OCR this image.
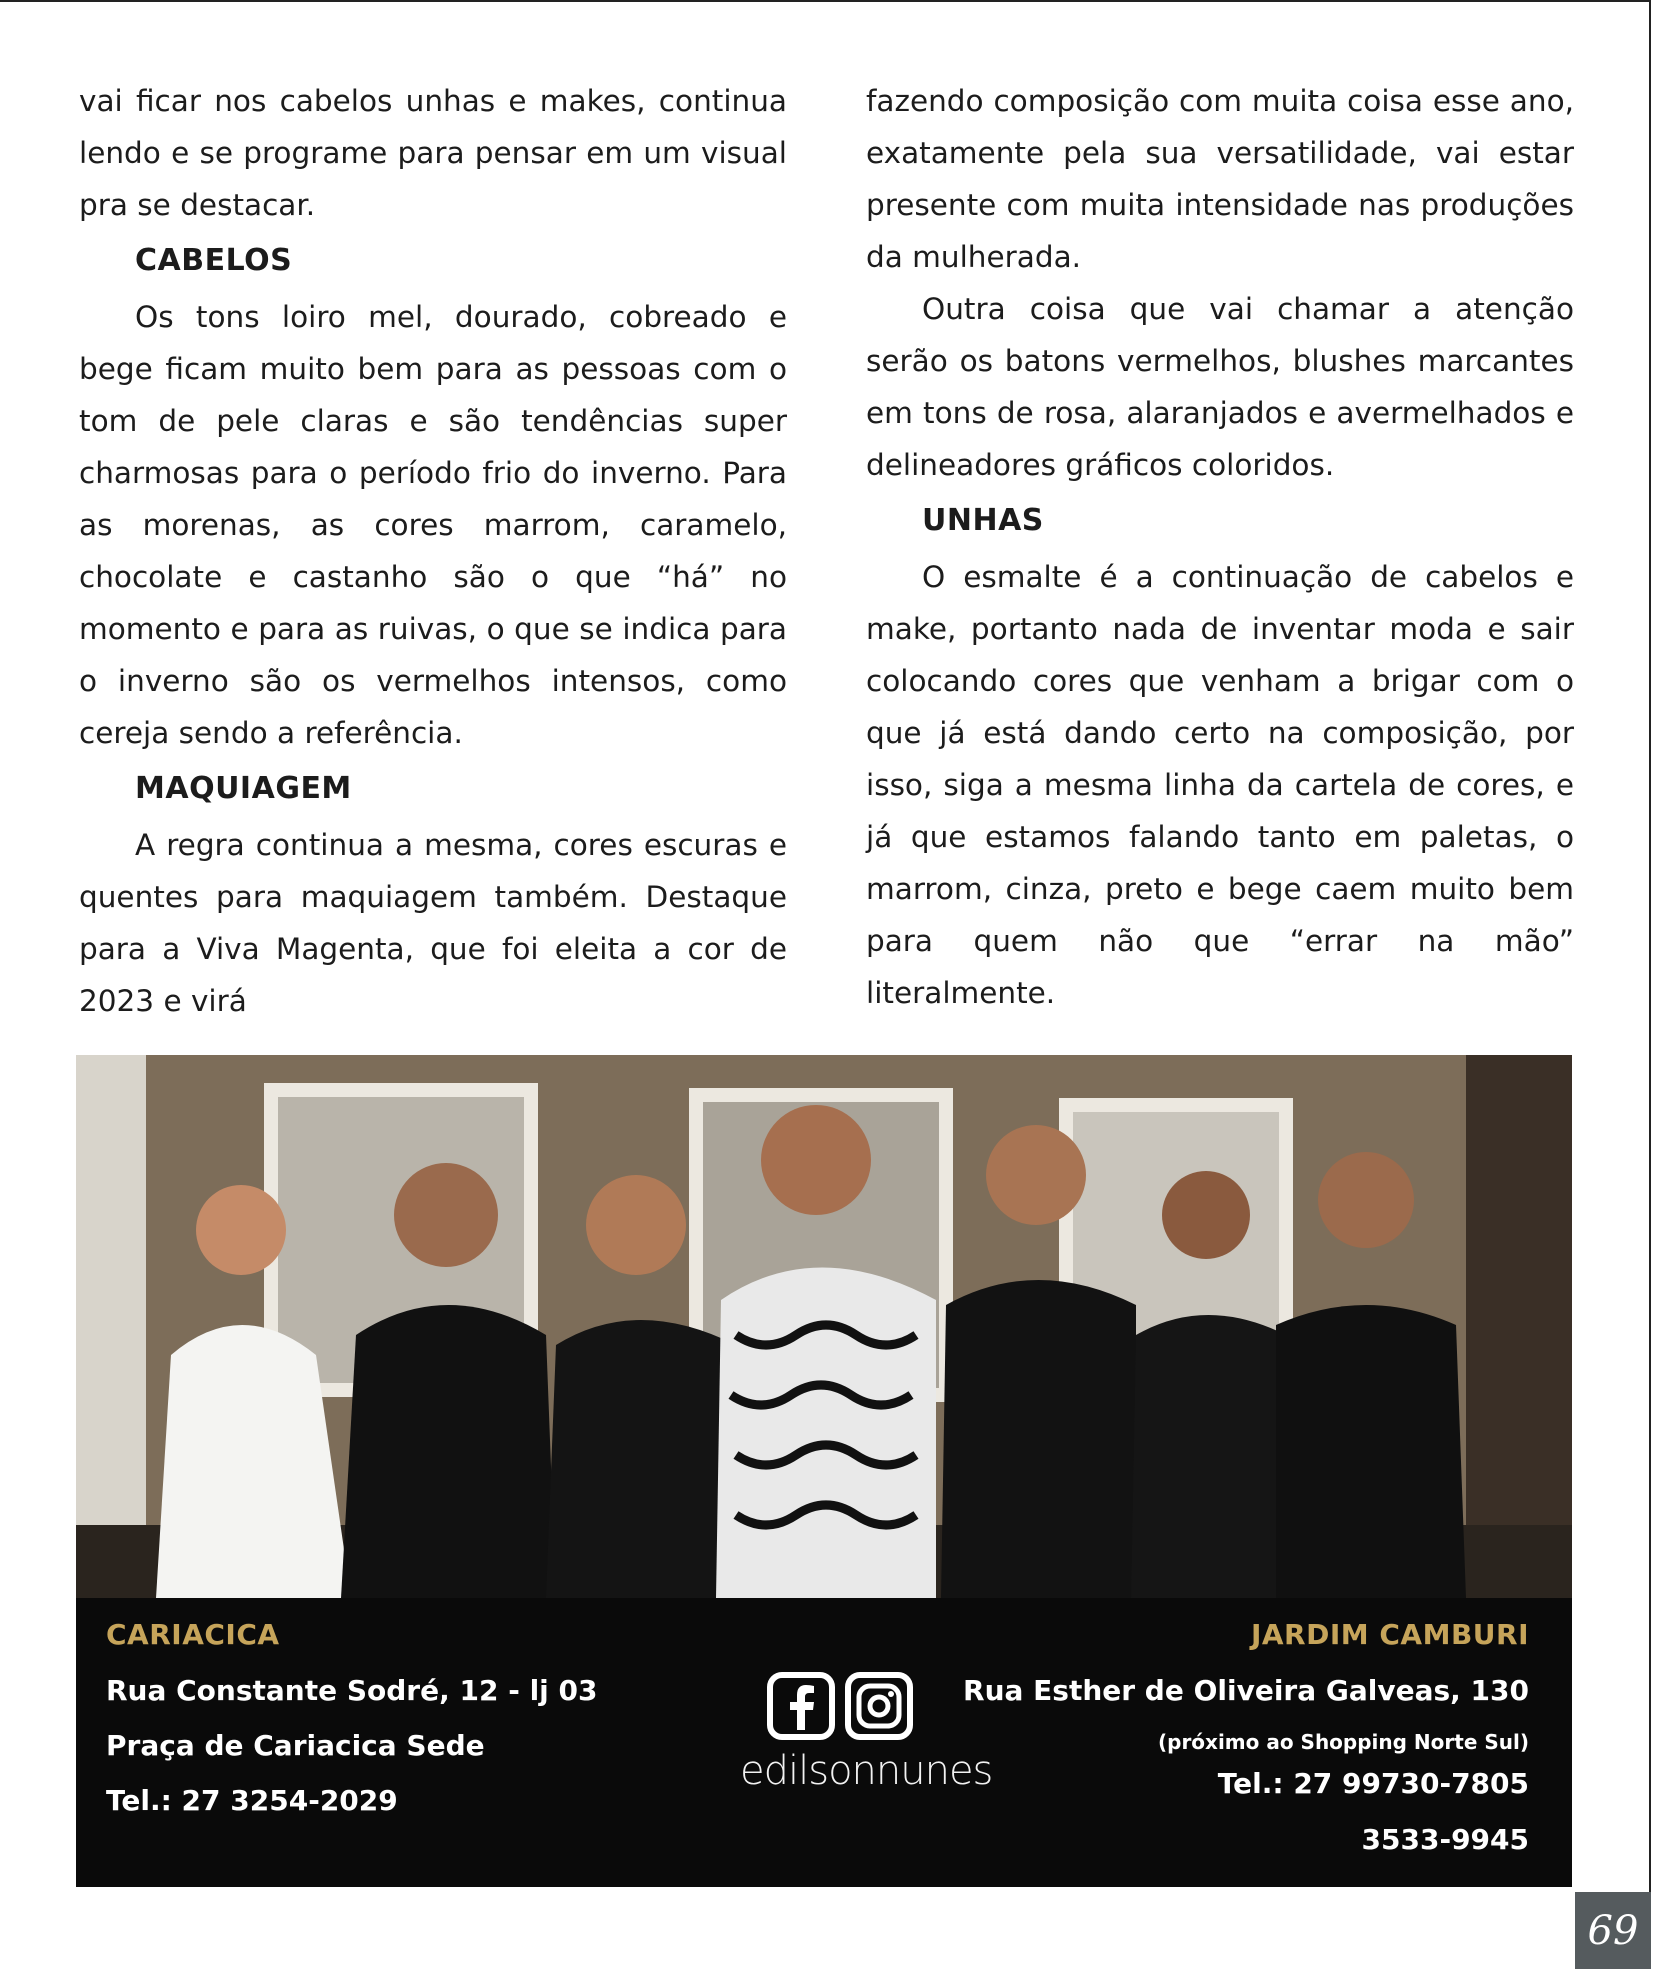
vai ficar nos cabelos unhas e makes, continua lendo e se programe para pensar em um visual pra se destacar.

CABELOS

Os tons loiro mel, dourado, cobreado e bege ficam muito bem para as pessoas com o tom de pele claras e são tendências super charmosas para o período frio do inverno. Para as morenas, as cores marrom, caramelo, chocolate e castanho são o que “há” no momento e para as ruivas, o que se indica para o inverno são os vermelhos intensos, como cereja sendo a referência.

MAQUIAGEM

A regra continua a mesma, cores escuras e quentes para maquiagem também. Destaque para a Viva Magenta, que foi eleita a cor de 2023 e virá

fazendo composição com muita coisa esse ano, exatamente pela sua versatilidade, vai estar presente com muita intensidade nas produções da mulherada.

Outra coisa que vai chamar a atenção serão os batons vermelhos, blushes marcantes em tons de rosa, alaranjados e avermelhados e delineadores gráficos coloridos.

UNHAS

O esmalte é a continuação de cabelos e make, portanto nada de inventar moda e sair colocando cores que venham a brigar com o que já está dando certo na composição, por isso, siga a mesma linha da cartela de cores, e já que estamos falando tanto em paletas, o marrom, cinza, preto e bege caem muito bem para quem não que “errar na mão” literalmente.

CARIACICA
Rua Constante Sodré, 12 - lj 03
Praça de Cariacica Sede
Tel.: 27 3254-2029
edilsonnunes
JARDIM CAMBURI
Rua Esther de Oliveira Galveas, 130
(próximo ao Shopping Norte Sul)
Tel.: 27 99730-7805
3533-9945
69
